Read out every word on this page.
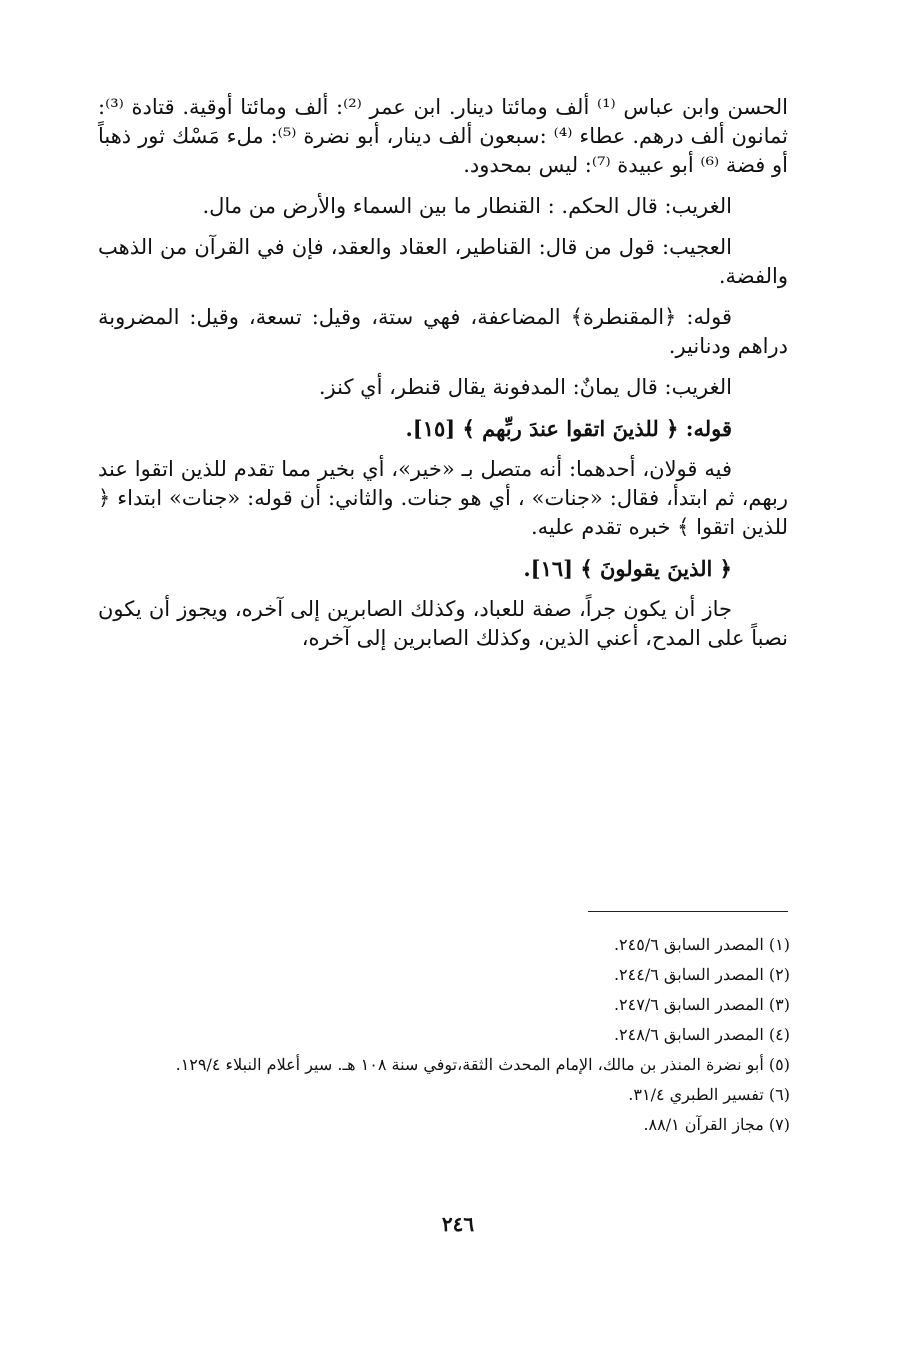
الحسن وابن عباس ⁽¹⁾ ألف ومائتا دينار. ابن عمر ⁽²⁾: ألف ومائتا أوقية. قتادة ⁽³⁾: ثمانون ألف درهم. عطاء ⁽⁴⁾ :سبعون ألف دينار، أبو نضرة ⁽⁵⁾: ملء مَسْك ثور ذهباً أو فضة ⁽⁶⁾ أبو عبيدة ⁽⁷⁾: ليس بمحدود.

الغريب: قال الحكم. : القنطار ما بين السماء والأرض من مال.

العجيب: قول من قال: القناطير، العقاد والعقد، فإن في القرآن من الذهب والفضة.

قوله: ﴿المقنطرة﴾ المضاعفة، فهي ستة، وقيل: تسعة، وقيل: المضروبة دراهم ودنانير.

الغريب: قال يمانٌ: المدفونة يقال قنطر، أي كنز.

قوله: ﴿ للذينَ اتقوا عندَ ربِّهم ﴾ [١٥].

فيه قولان، أحدهما: أنه متصل بـ «خير»، أي بخير مما تقدم للذين اتقوا عند ربهم، ثم ابتدأ، فقال: «جنات» ، أي هو جنات. والثاني: أن قوله: «جنات» ابتداء ﴿ للذين اتقوا ﴾ خبره تقدم عليه.

﴿ الذينَ يقولونَ ﴾ [١٦].

جاز أن يكون جراً، صفة للعباد، وكذلك الصابرين إلى آخره، ويجوز أن يكون نصباً على المدح، أعني الذين، وكذلك الصابرين إلى آخره،

(١) المصدر السابق ٢٤٥/٦.
(٢) المصدر السابق ٢٤٤/٦.
(٣) المصدر السابق ٢٤٧/٦.
(٤) المصدر السابق ٢٤٨/٦.
(٥) أبو نضرة المنذر بن مالك، الإمام المحدث الثقة،توفي سنة ١٠٨ هـ. سير أعلام النبلاء ١٢٩/٤.
(٦) تفسير الطبري ٣١/٤.
(٧) مجاز القرآن ٨٨/١.
٢٤٦
